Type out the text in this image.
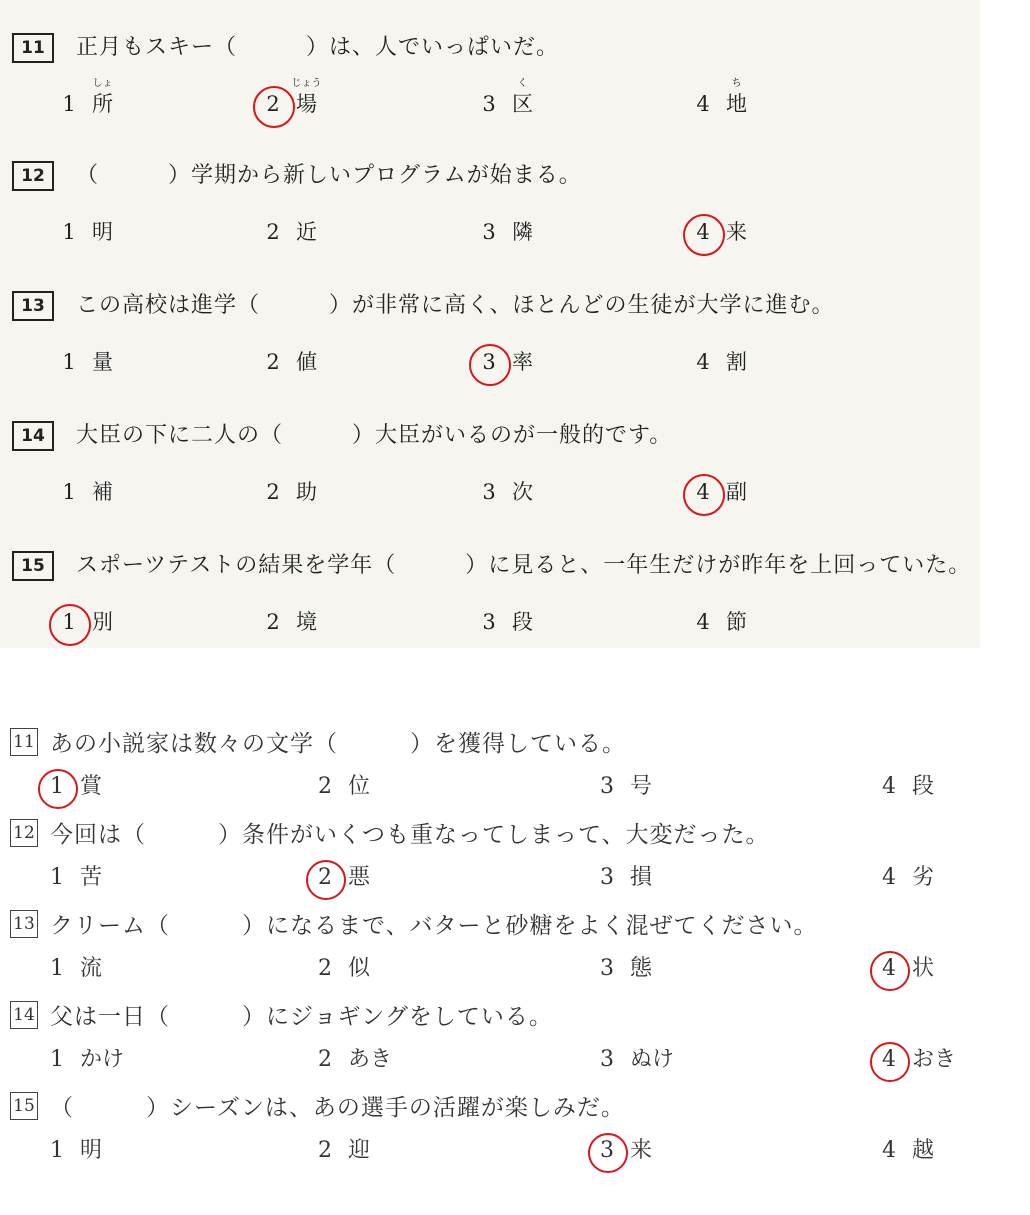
11	正月もスキー（　　　）は、人でいっぱいだ。
1 所
しょ
2 場
じょう
3 区
く
4 地
ち
12	（　　　）学期から新しいプログラムが始まる。
1 明	2 近	3 隣	4 来
13	この高校は進学（　　　）が非常に高く、ほとんどの生徒が大学に進む。
1 量	2 値	3 率	4 割
14	大臣の下に二人の（　　　）大臣がいるのが一般的です。
1 補	2 助	3 次	4 副
15	スポーツテストの結果を学年（　　　）に見ると、一年生だけが昨年を上回っていた。
1 別	2 境	3 段	4 節
11 あの小説家は数々の文学（　　　）を獲得している。
1 賞	2 位	3 号	4 段
12 今回は（　　　）条件がいくつも重なってしまって、大変だった。
1 苦	2 悪	3 損	4 劣
13 クリーム（　　　）になるまで、バターと砂糖をよく混ぜてください。
1 流	2 似	3 態	4 状
14 父は一日（　　　）にジョギングをしている。
1 かけ	2 あき	3 ぬけ	4 おき
15 （　　　）シーズンは、あの選手の活躍が楽しみだ。
1 明	2 迎	3 来	4 越
